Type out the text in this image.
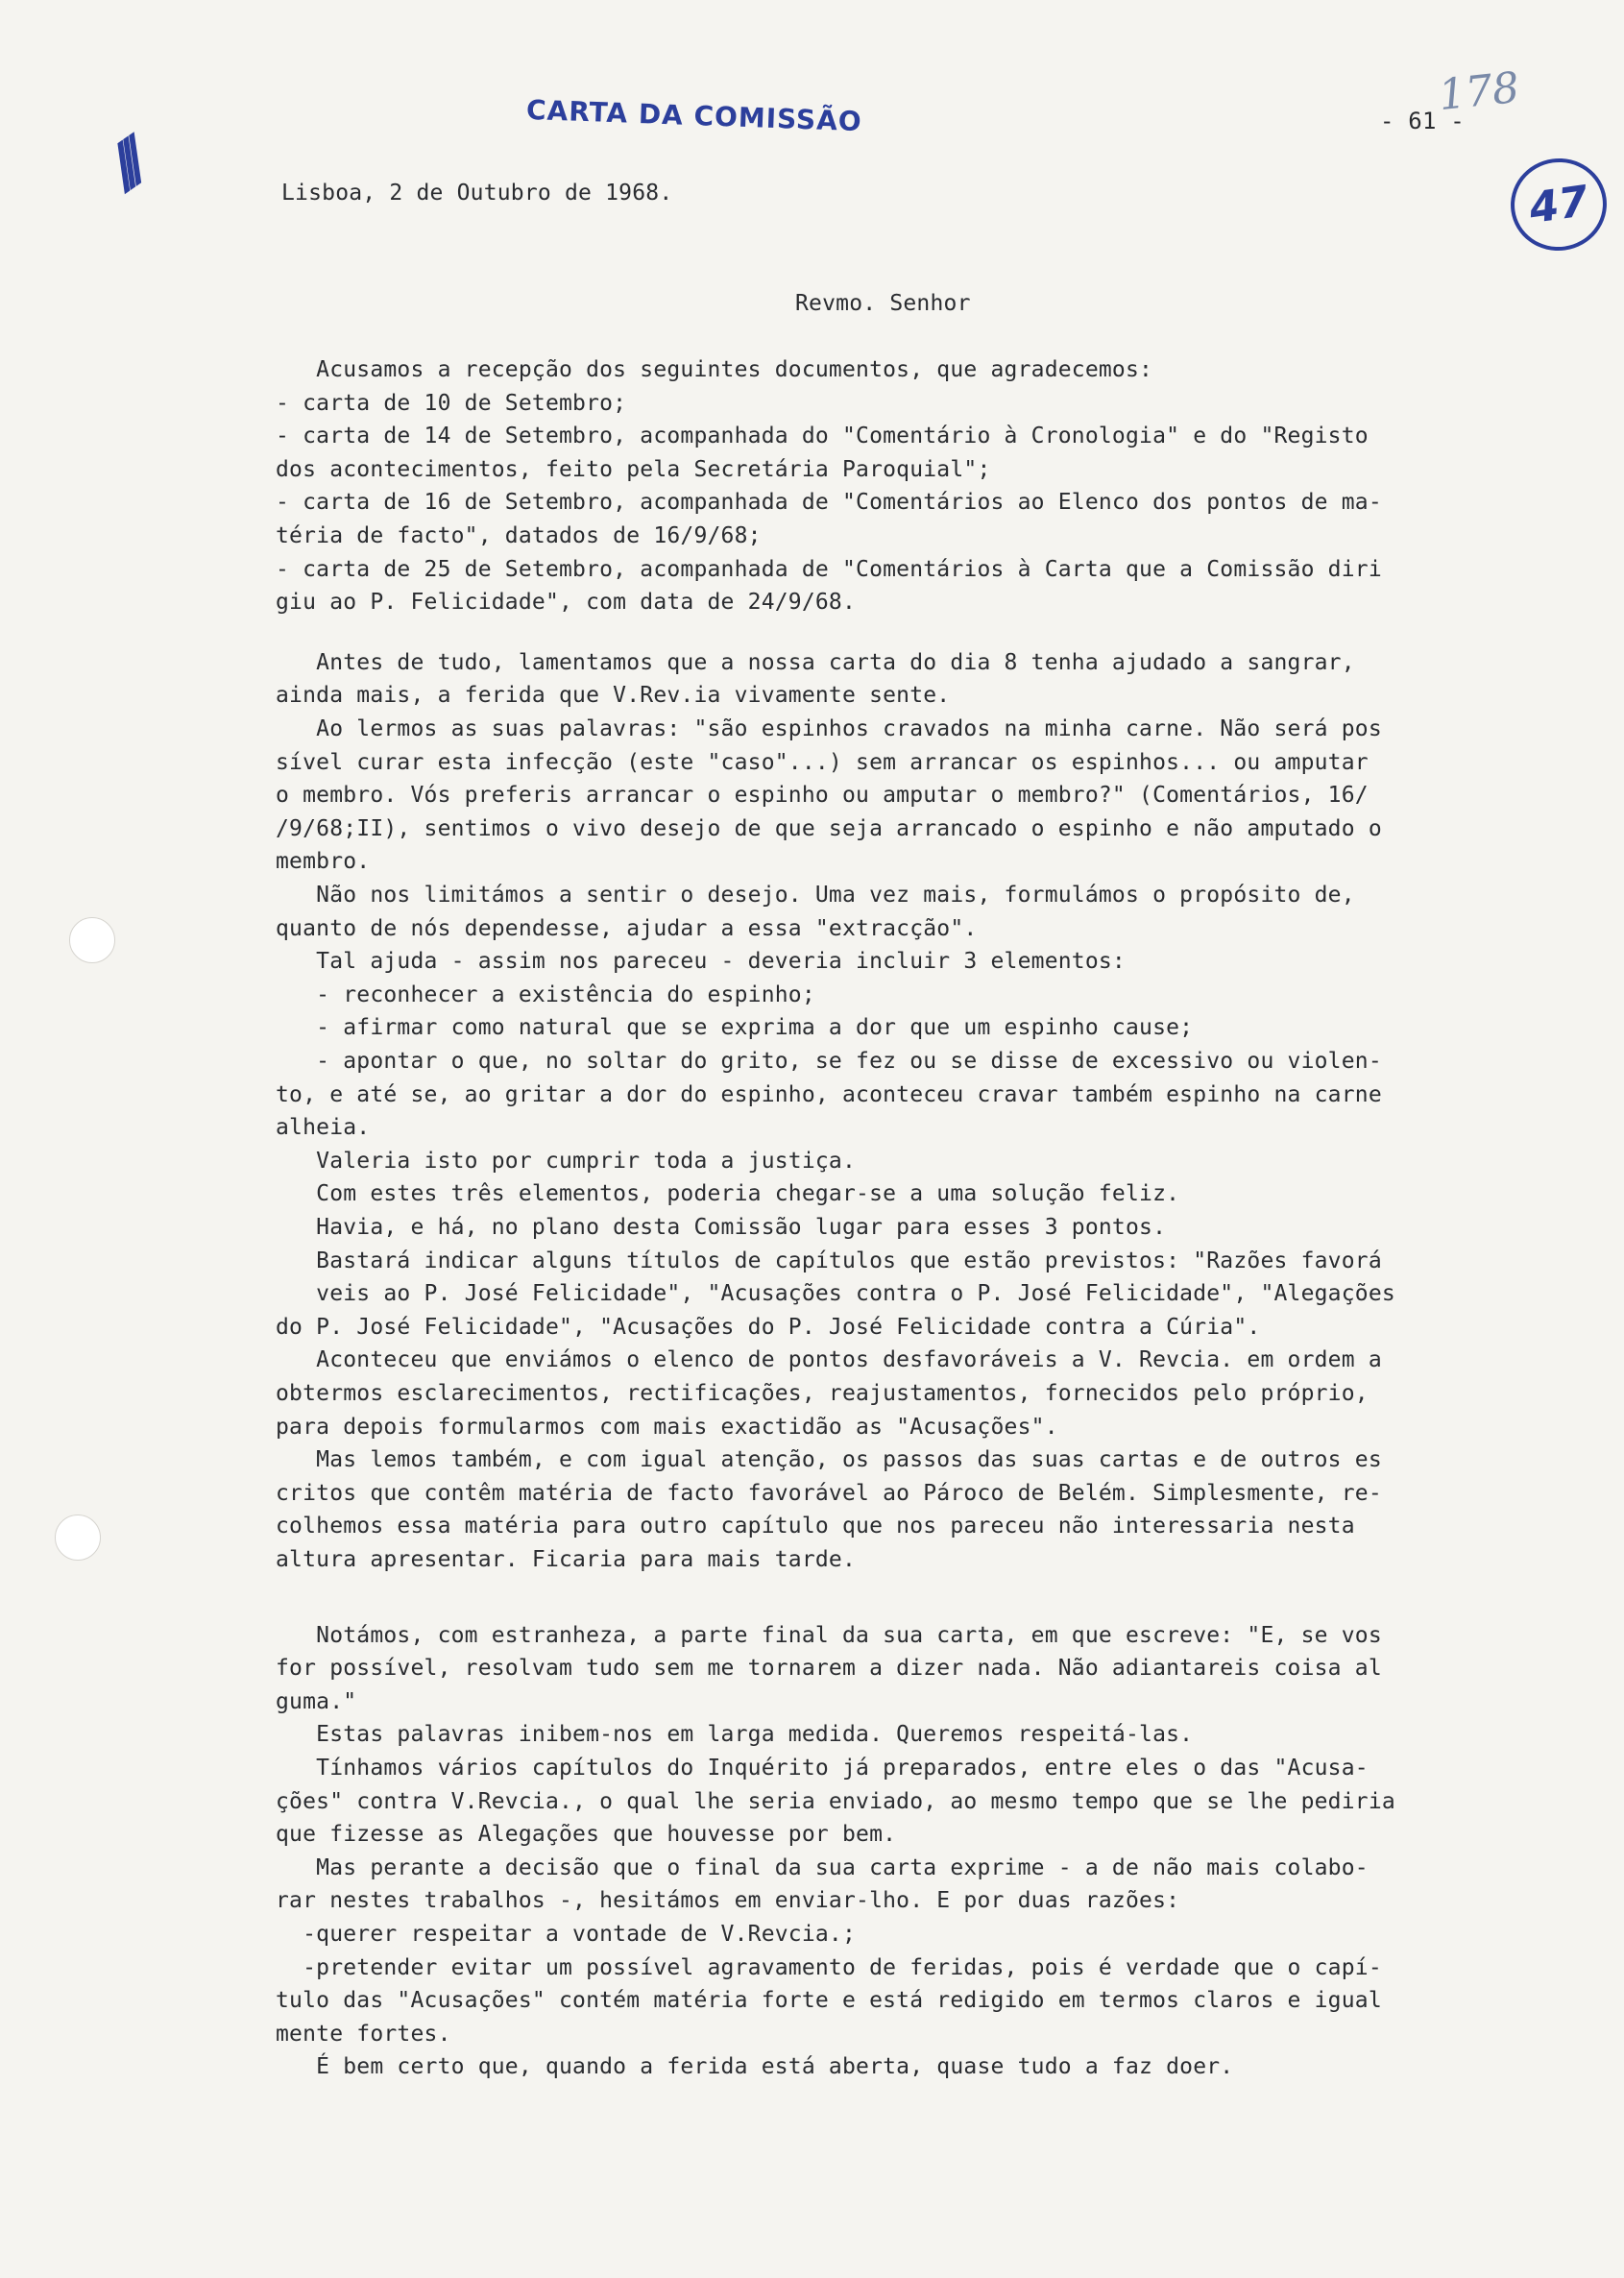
CARTA DA COMISSÃO	- 61 -
178
47
///	Lisboa, 2 de Outubro de 1968.
Revmo. Senhor
Acusamos a recepção dos seguintes documentos, que agradecemos:
- carta de 10 de Setembro;
- carta de 14 de Setembro, acompanhada do "Comentário à Cronologia" e do "Registo
dos acontecimentos, feito pela Secretária Paroquial";
- carta de 16 de Setembro, acompanhada de "Comentários ao Elenco dos pontos de ma-
téria de facto", datados de 16/9/68;
- carta de 25 de Setembro, acompanhada de "Comentários à Carta que a Comissão diri
giu ao P. Felicidade", com data de 24/9/68.
Antes de tudo, lamentamos que a nossa carta do dia 8 tenha ajudado a sangrar,
ainda mais, a ferida que V.Rev.ia vivamente sente.
Ao lermos as suas palavras: "são espinhos cravados na minha carne. Não será pos
sível curar esta infecção (este "caso"...) sem arrancar os espinhos... ou amputar
o membro. Vós preferis arrancar o espinho ou amputar o membro?" (Comentários, 16/
/9/68;II), sentimos o vivo desejo de que seja arrancado o espinho e não amputado o
membro.
Não nos limitámos a sentir o desejo. Uma vez mais, formulámos o propósito de,
quanto de nós dependesse, ajudar a essa "extracção".
Tal ajuda - assim nos pareceu - deveria incluir 3 elementos:
- reconhecer a existência do espinho;
- afirmar como natural que se exprima a dor que um espinho cause;
- apontar o que, no soltar do grito, se fez ou se disse de excessivo ou violen-
to, e até se, ao gritar a dor do espinho, aconteceu cravar também espinho na carne
alheia.
Valeria isto por cumprir toda a justiça.
Com estes três elementos, poderia chegar-se a uma solução feliz.
Havia, e há, no plano desta Comissão lugar para esses 3 pontos.
Bastará indicar alguns títulos de capítulos que estão previstos: "Razões favorá
veis ao P. José Felicidade", "Acusações contra o P. José Felicidade", "Alegações
do P. José Felicidade", "Acusações do P. José Felicidade contra a Cúria".
Aconteceu que enviámos o elenco de pontos desfavoráveis a V. Revcia. em ordem a
obtermos esclarecimentos, rectificações, reajustamentos, fornecidos pelo próprio,
para depois formularmos com mais exactidão as "Acusações".
Mas lemos também, e com igual atenção, os passos das suas cartas e de outros es
critos que contêm matéria de facto favorável ao Pároco de Belém. Simplesmente, re-
colhemos essa matéria para outro capítulo que nos pareceu não interessaria nesta
altura apresentar. Ficaria para mais tarde.
Notámos, com estranheza, a parte final da sua carta, em que escreve: "E, se vos
for possível, resolvam tudo sem me tornarem a dizer nada. Não adiantareis coisa al
guma."
Estas palavras inibem-nos em larga medida. Queremos respeitá-las.
Tínhamos vários capítulos do Inquérito já preparados, entre eles o das "Acusa-
ções" contra V.Revcia., o qual lhe seria enviado, ao mesmo tempo que se lhe pediria
que fizesse as Alegações que houvesse por bem.
Mas perante a decisão que o final da sua carta exprime - a de não mais colabo-
rar nestes trabalhos -, hesitámos em enviar-lho. E por duas razões:
-querer respeitar a vontade de V.Revcia.;
-pretender evitar um possível agravamento de feridas, pois é verdade que o capí-
tulo das "Acusações" contém matéria forte e está redigido em termos claros e igual
mente fortes.
É bem certo que, quando a ferida está aberta, quase tudo a faz doer.
